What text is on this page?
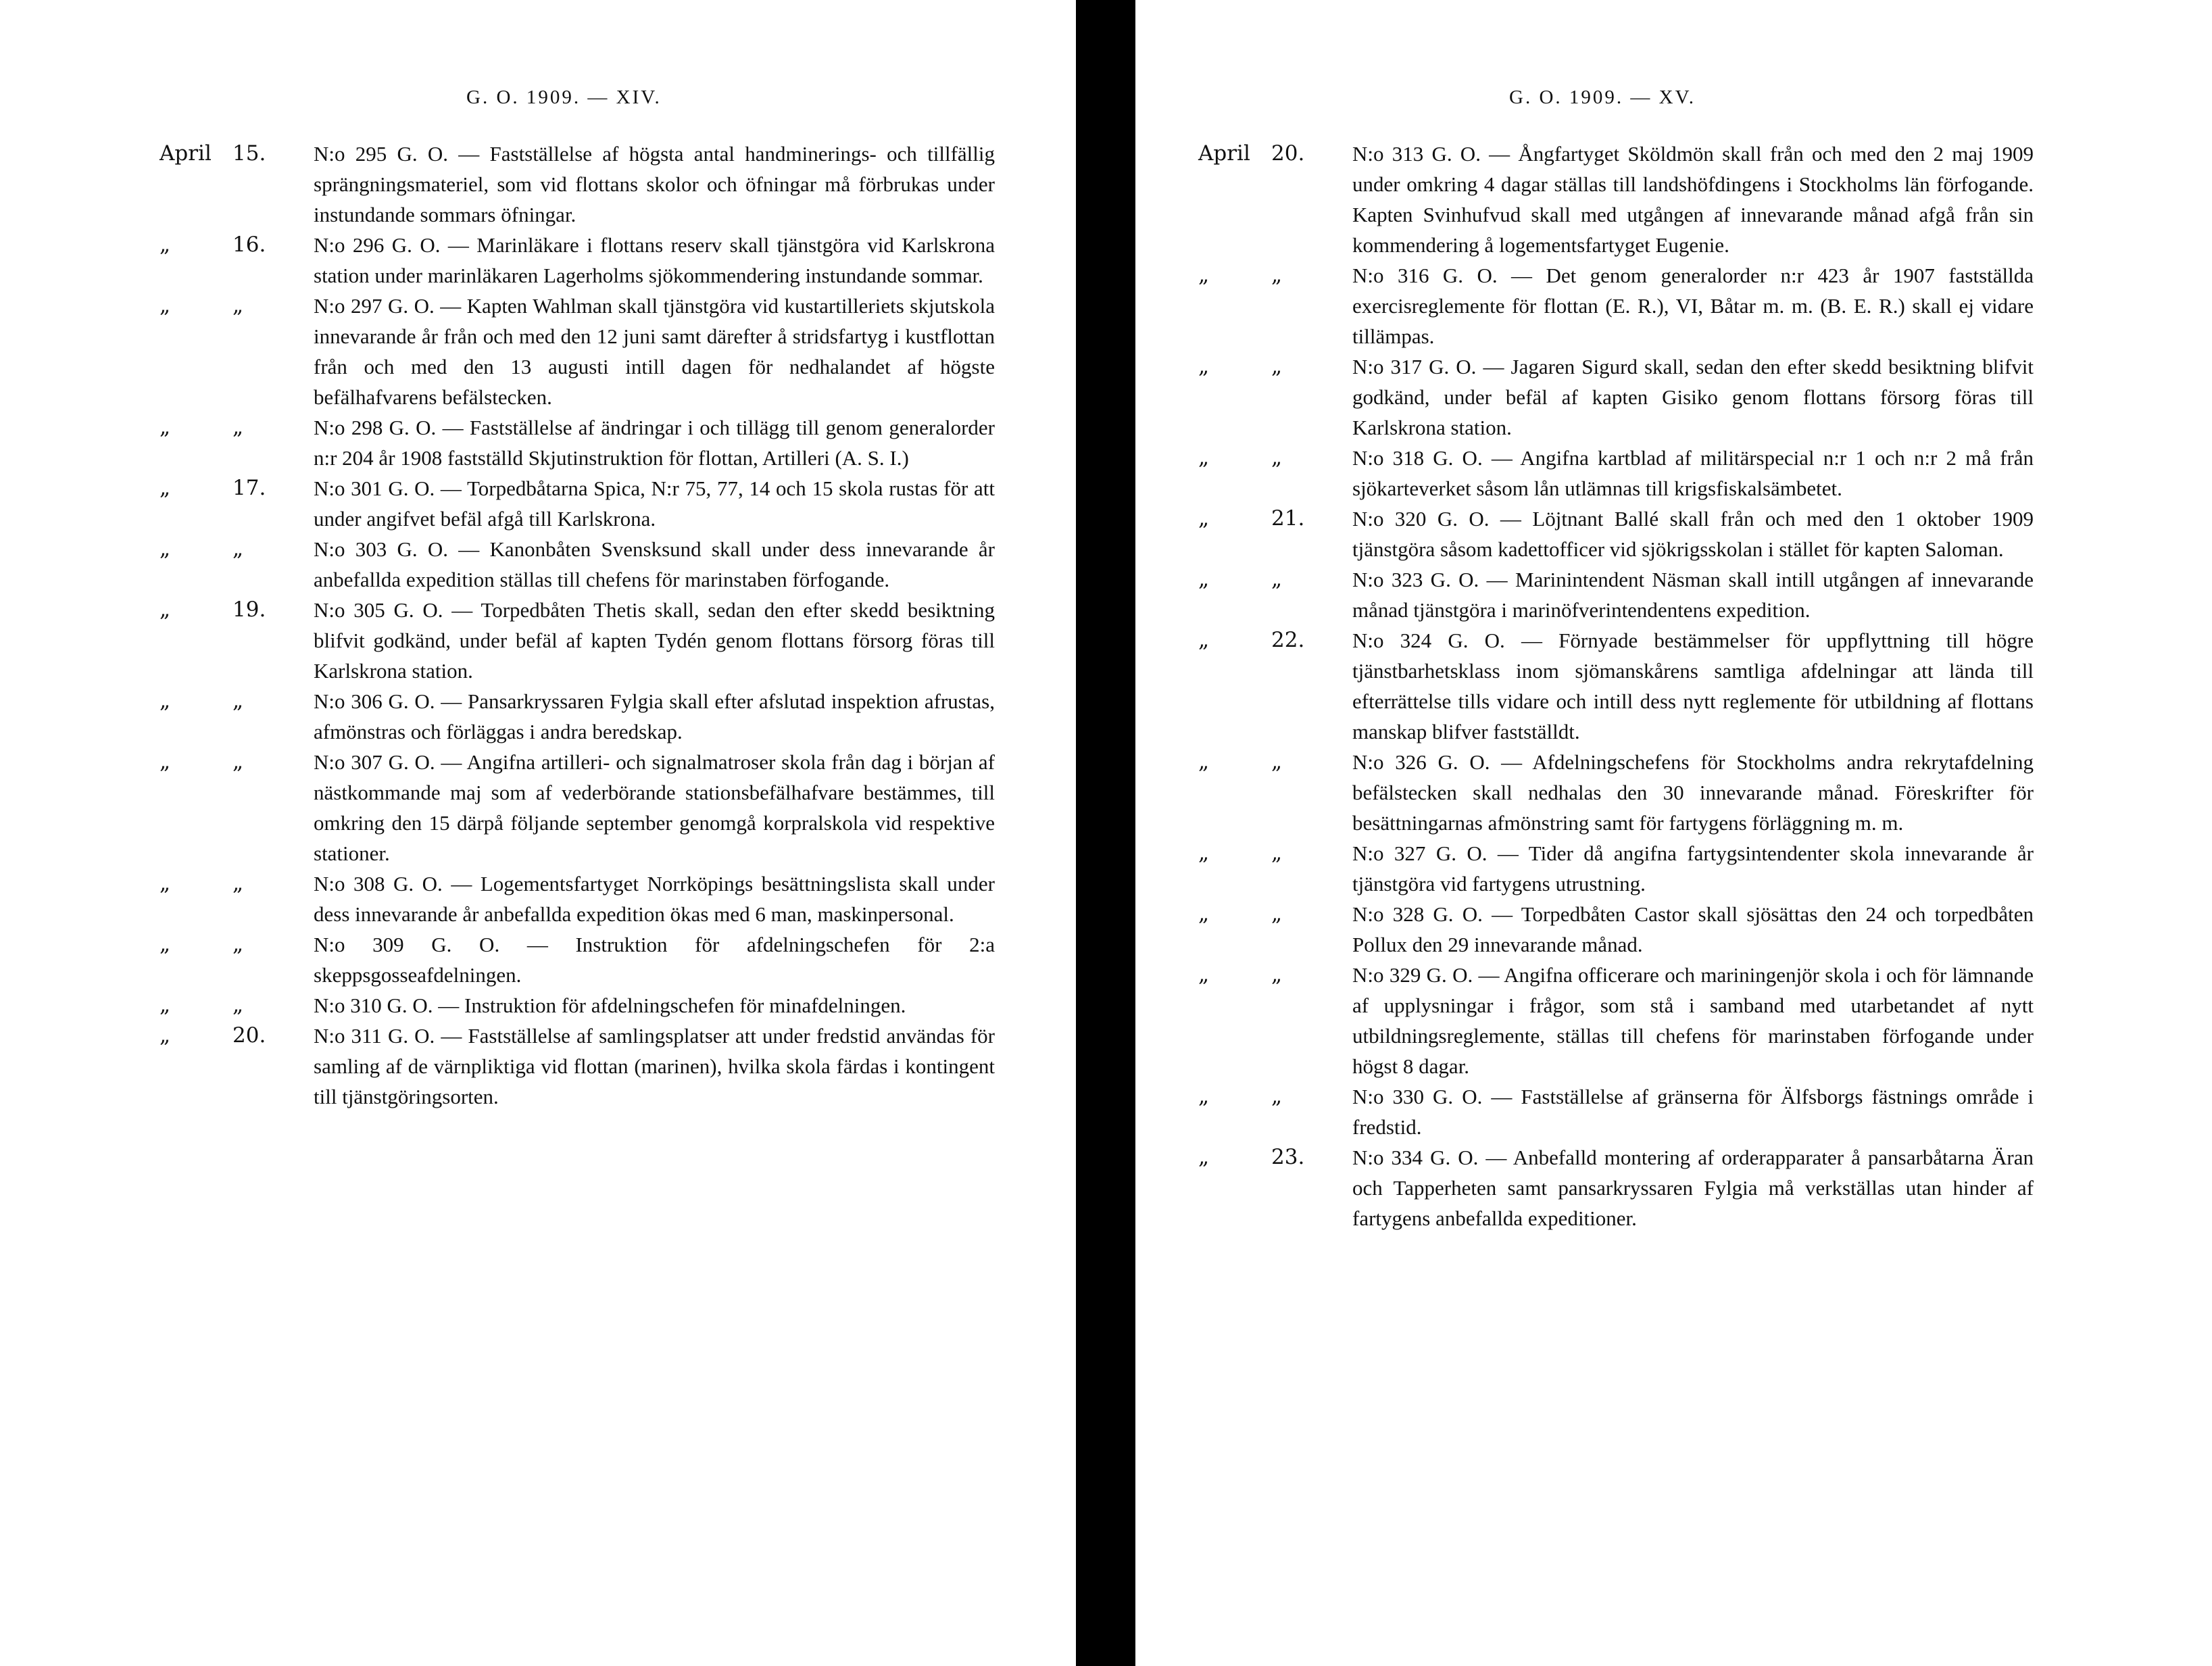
G. O. 1909. — XIV.
April	15.	N:o 295 G. O. — Fastställelse af högsta antal handminerings- och tillfällig sprängningsmateriel, som vid flottans skolor och öfningar må förbrukas under instundande sommars öfningar.
„	16.	N:o 296 G. O. — Marinläkare i flottans reserv skall tjänstgöra vid Karlskrona station under marinläkaren Lagerholms sjökommendering instundande sommar.
„	„	N:o 297 G. O. — Kapten Wahlman skall tjänstgöra vid kustartilleriets skjutskola innevarande år från och med den 12 juni samt därefter å stridsfartyg i kustflottan från och med den 13 augusti intill dagen för nedhalandet af högste befälhafvarens befälstecken.
„	„	N:o 298 G. O. — Fastställelse af ändringar i och tillägg till genom generalorder n:r 204 år 1908 fastställd Skjutinstruktion för flottan, Artilleri (A. S. I.)
„	17.	N:o 301 G. O. — Torpedbåtarna Spica, N:r 75, 77, 14 och 15 skola rustas för att under angifvet befäl afgå till Karlskrona.
„	„	N:o 303 G. O. — Kanonbåten Svensksund skall under dess innevarande år anbefallda expedition ställas till chefens för marinstaben förfogande.
„	19.	N:o 305 G. O. — Torpedbåten Thetis skall, sedan den efter skedd besiktning blifvit godkänd, under befäl af kapten Tydén genom flottans försorg föras till Karlskrona station.
„	„	N:o 306 G. O. — Pansarkryssaren Fylgia skall efter afslutad inspektion afrustas, afmönstras och förläggas i andra beredskap.
„	„	N:o 307 G. O. — Angifna artilleri- och signalmatroser skola från dag i början af nästkommande maj som af vederbörande stationsbefälhafvare bestämmes, till omkring den 15 därpå följande september genomgå korpralskola vid respektive stationer.
„	„	N:o 308 G. O. — Logementsfartyget Norrköpings besättningslista skall under dess innevarande år anbefallda expedition ökas med 6 man, maskinpersonal.
„	„	N:o 309 G. O. — Instruktion för afdelningschefen för 2:a skeppsgosseafdelningen.
„	„	N:o 310 G. O. — Instruktion för afdelningschefen för minafdelningen.
„	20.	N:o 311 G. O. — Fastställelse af samlingsplatser att under fredstid användas för samling af de värnpliktiga vid flottan (marinen), hvilka skola färdas i kontingent till tjänstgöringsorten.
G. O. 1909. — XV.
April	20.	N:o 313 G. O. — Ångfartyget Sköldmön skall från och med den 2 maj 1909 under omkring 4 dagar ställas till landshöfdingens i Stockholms län förfogande. Kapten Svinhufvud skall med utgången af innevarande månad afgå från sin kommendering å logementsfartyget Eugenie.
„	„	N:o 316 G. O. — Det genom generalorder n:r 423 år 1907 fastställda exercisreglemente för flottan (E. R.), VI, Båtar m. m. (B. E. R.) skall ej vidare tillämpas.
„	„	N:o 317 G. O. — Jagaren Sigurd skall, sedan den efter skedd besiktning blifvit godkänd, under befäl af kapten Gisiko genom flottans försorg föras till Karlskrona station.
„	„	N:o 318 G. O. — Angifna kartblad af militärspecial n:r 1 och n:r 2 må från sjökarteverket såsom lån utlämnas till krigsfiskalsämbetet.
„	21.	N:o 320 G. O. — Löjtnant Ballé skall från och med den 1 oktober 1909 tjänstgöra såsom kadettofficer vid sjökrigsskolan i stället för kapten Saloman.
„	„	N:o 323 G. O. — Marinintendent Näsman skall intill utgången af innevarande månad tjänstgöra i marinöfverintendentens expedition.
„	22.	N:o 324 G. O. — Förnyade bestämmelser för uppflyttning till högre tjänstbarhetsklass inom sjömanskårens samtliga afdelningar att lända till efterrättelse tills vidare och intill dess nytt reglemente för utbildning af flottans manskap blifver fastställdt.
„	„	N:o 326 G. O. — Afdelningschefens för Stockholms andra rekrytafdelning befälstecken skall nedhalas den 30 innevarande månad. Föreskrifter för besättningarnas afmönstring samt för fartygens förläggning m. m.
„	„	N:o 327 G. O. — Tider då angifna fartygsintendenter skola innevarande år tjänstgöra vid fartygens utrustning.
„	„	N:o 328 G. O. — Torpedbåten Castor skall sjösättas den 24 och torpedbåten Pollux den 29 innevarande månad.
„	„	N:o 329 G. O. — Angifna officerare och mariningenjör skola i och för lämnande af upplysningar i frågor, som stå i samband med utarbetandet af nytt utbildningsreglemente, ställas till chefens för marinstaben förfogande under högst 8 dagar.
„	„	N:o 330 G. O. — Fastställelse af gränserna för Älfsborgs fästnings område i fredstid.
„	23.	N:o 334 G. O. — Anbefalld montering af orderapparater å pansarbåtarna Äran och Tapperheten samt pansarkryssaren Fylgia må verkställas utan hinder af fartygens anbefallda expeditioner.
